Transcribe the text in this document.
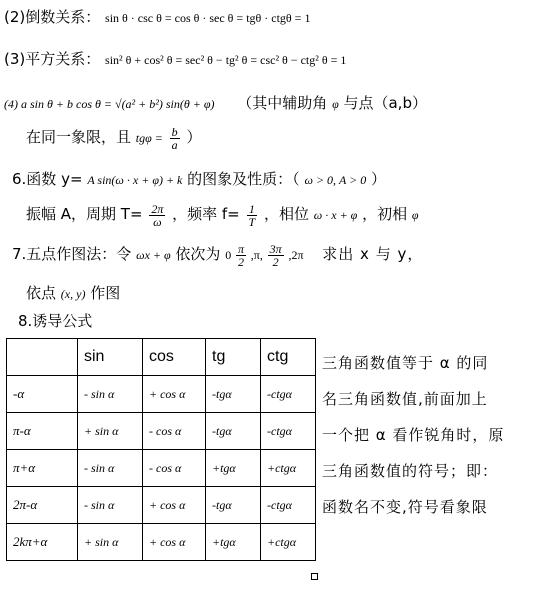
(2)倒数关系： sin θ · csc θ = cos θ · sec θ = tgθ · ctgθ = 1
(3)平方关系： sin² θ + cos² θ = sec² θ − tg² θ = csc² θ − ctg² θ = 1
(4) a sin θ + b cos θ = √(a² + b²) sin(θ + φ) （其中辅助角 φ 与点（a,b）
在同一象限，且 $tg\varphi = \frac{b}{a}$ ）
6.函数 y= A sin(ω · x + φ) + k 的图象及性质：（ ω > 0, A > 0 ）
振幅 A，周期 $T= \frac{2\pi}{\omega}$ ，频率 $f= \frac{1}{T}$ ，相位 ω · x + φ ，初相 φ
7.五点作图法：令 ωx + φ 依次为 $0 \frac{\pi}{2} ,\pi$, $\frac{3\pi}{2} ,2\pi$ 求出 x 与 y，
依点 (x, y) 作图
8.诱导公式
	sin	cos	tg	ctg
-α	- sin α	+ cos α	-tgα	-ctgα
π-α	+ sin α	- cos α	-tgα	-ctgα
π+α	- sin α	- cos α	+tgα	+ctgα
2π-α	- sin α	+ cos α	-tgα	-ctgα
2kπ+α	+ sin α	+ cos α	+tgα	+ctgα
三角函数值等于 α 的同
名三角函数值,前面加上
一个把 α 看作锐角时，原
三角函数值的符号；即：
函数名不变,符号看象限
